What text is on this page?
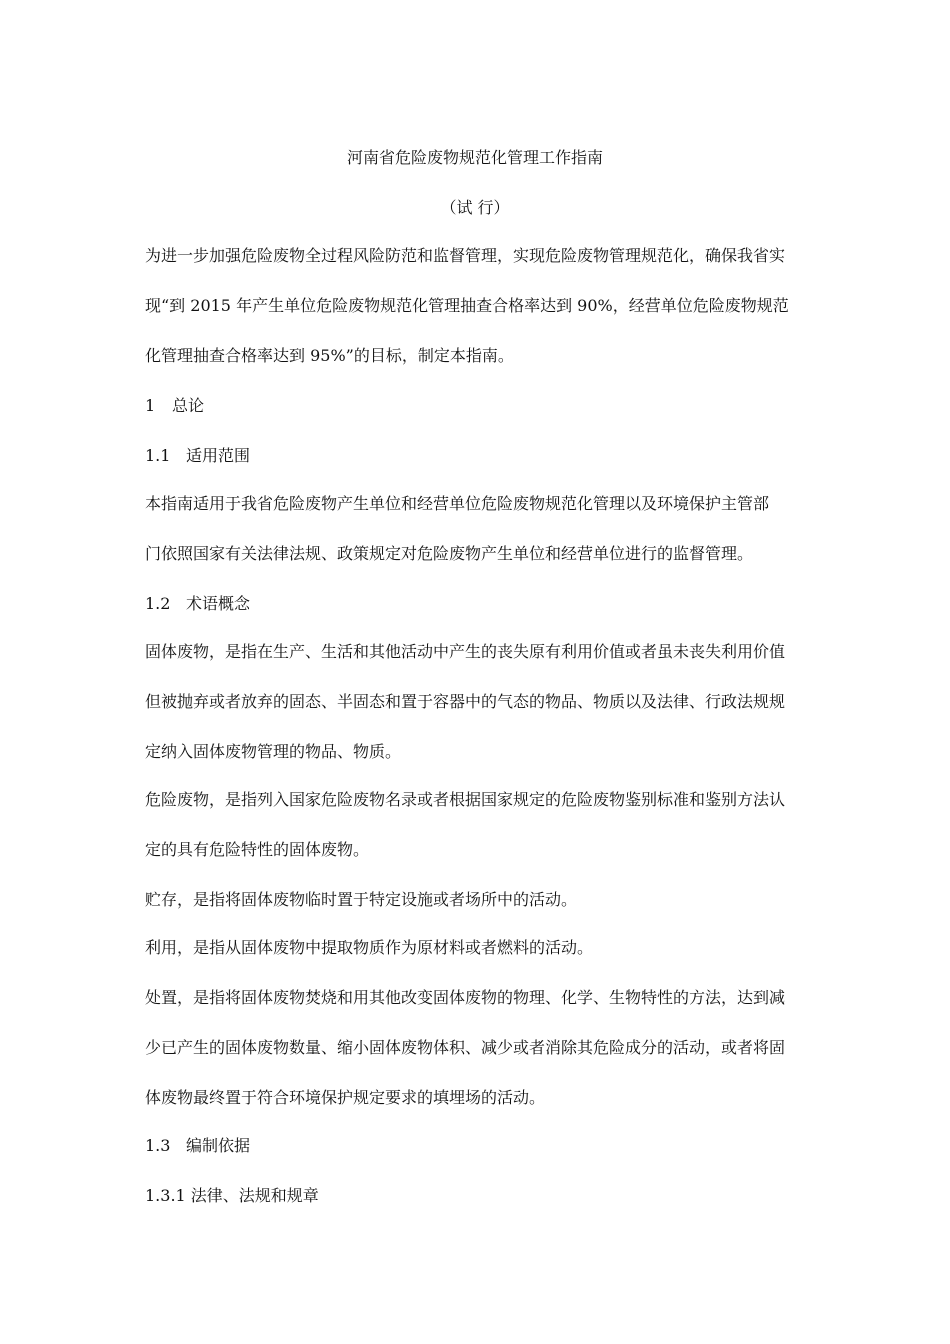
河南省危险废物规范化管理工作指南
（试 行）
为进一步加强危险废物全过程风险防范和监督管理，实现危险废物管理规范化，确保我省实
现“到 2015 年产生单位危险废物规范化管理抽查合格率达到 90%，经营单位危险废物规范
化管理抽查合格率达到 95%”的目标，制定本指南。
1 总论
1.1 适用范围
本指南适用于我省危险废物产生单位和经营单位危险废物规范化管理以及环境保护主管部
门依照国家有关法律法规、政策规定对危险废物产生单位和经营单位进行的监督管理。
1.2 术语概念
固体废物，是指在生产、生活和其他活动中产生的丧失原有利用价值或者虽未丧失利用价值
但被抛弃或者放弃的固态、半固态和置于容器中的气态的物品、物质以及法律、行政法规规
定纳入固体废物管理的物品、物质。
危险废物，是指列入国家危险废物名录或者根据国家规定的危险废物鉴别标准和鉴别方法认
定的具有危险特性的固体废物。
贮存，是指将固体废物临时置于特定设施或者场所中的活动。
利用，是指从固体废物中提取物质作为原材料或者燃料的活动。
处置，是指将固体废物焚烧和用其他改变固体废物的物理、化学、生物特性的方法，达到减
少已产生的固体废物数量、缩小固体废物体积、减少或者消除其危险成分的活动，或者将固
体废物最终置于符合环境保护规定要求的填埋场的活动。
1.3 编制依据
1.3.1 法律、法规和规章
